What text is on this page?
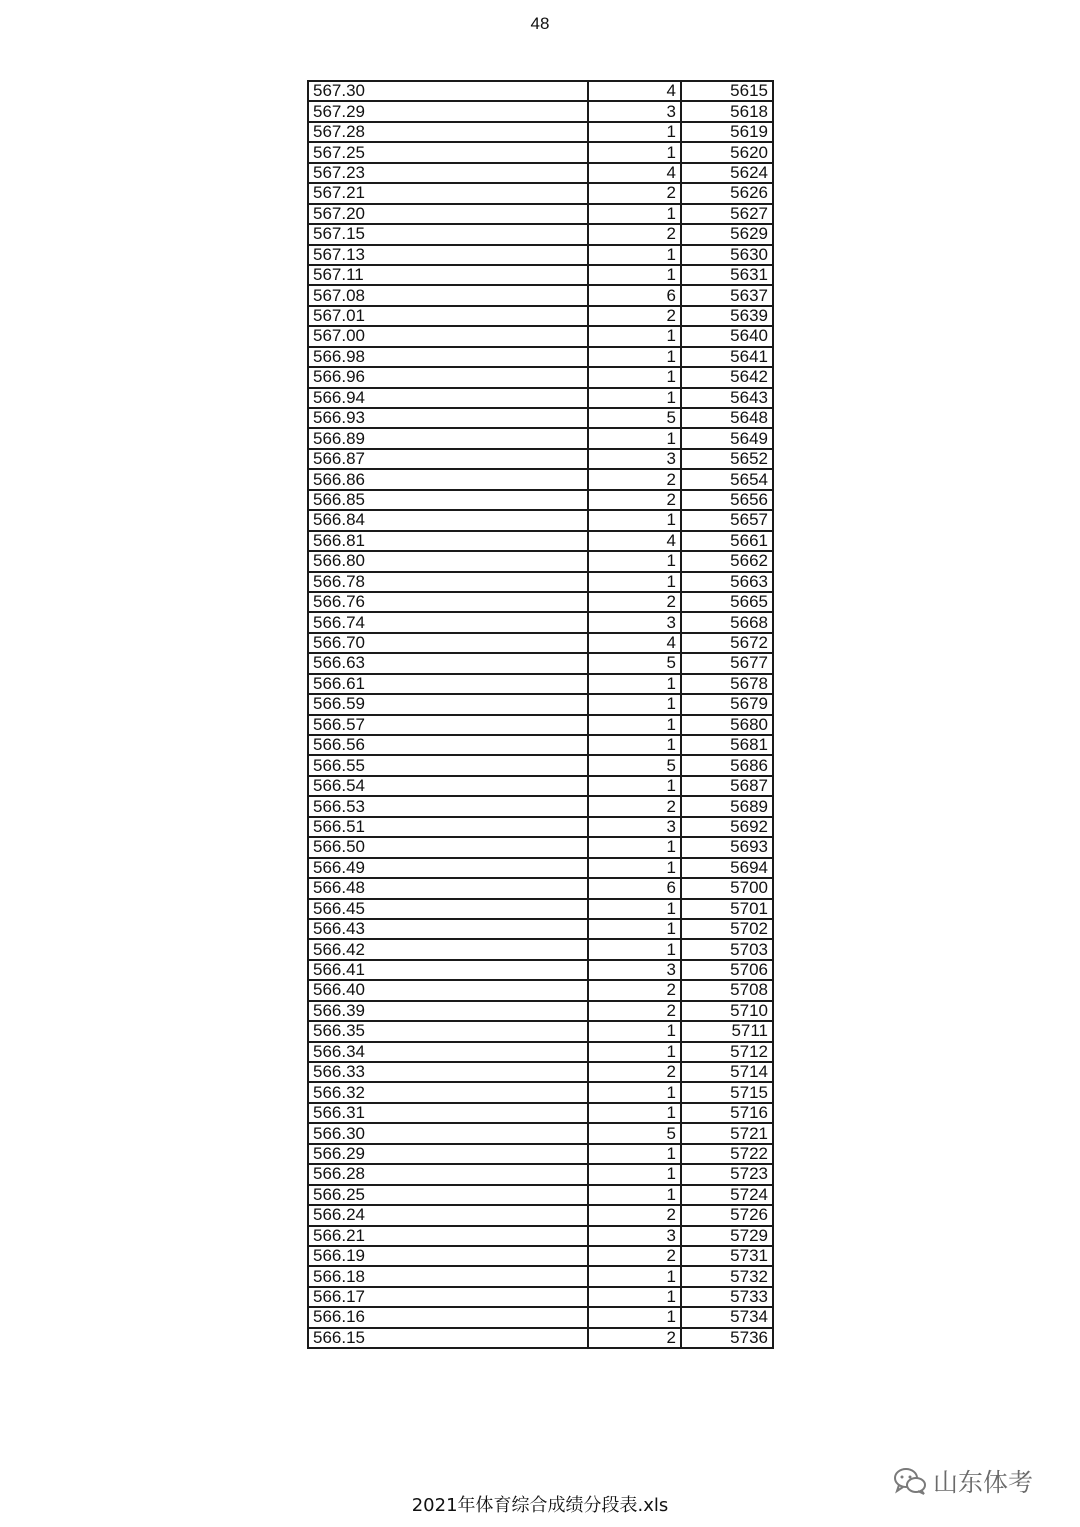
48
567.30	4	5615
567.29	3	5618
567.28	1	5619
567.25	1	5620
567.23	4	5624
567.21	2	5626
567.20	1	5627
567.15	2	5629
567.13	1	5630
567.11	1	5631
567.08	6	5637
567.01	2	5639
567.00	1	5640
566.98	1	5641
566.96	1	5642
566.94	1	5643
566.93	5	5648
566.89	1	5649
566.87	3	5652
566.86	2	5654
566.85	2	5656
566.84	1	5657
566.81	4	5661
566.80	1	5662
566.78	1	5663
566.76	2	5665
566.74	3	5668
566.70	4	5672
566.63	5	5677
566.61	1	5678
566.59	1	5679
566.57	1	5680
566.56	1	5681
566.55	5	5686
566.54	1	5687
566.53	2	5689
566.51	3	5692
566.50	1	5693
566.49	1	5694
566.48	6	5700
566.45	1	5701
566.43	1	5702
566.42	1	5703
566.41	3	5706
566.40	2	5708
566.39	2	5710
566.35	1	5711
566.34	1	5712
566.33	2	5714
566.32	1	5715
566.31	1	5716
566.30	5	5721
566.29	1	5722
566.28	1	5723
566.25	1	5724
566.24	2	5726
566.21	3	5729
566.19	2	5731
566.18	1	5732
566.17	1	5733
566.16	1	5734
566.15	2	5736
2021年体育综合成绩分段表.xls
山东体考
